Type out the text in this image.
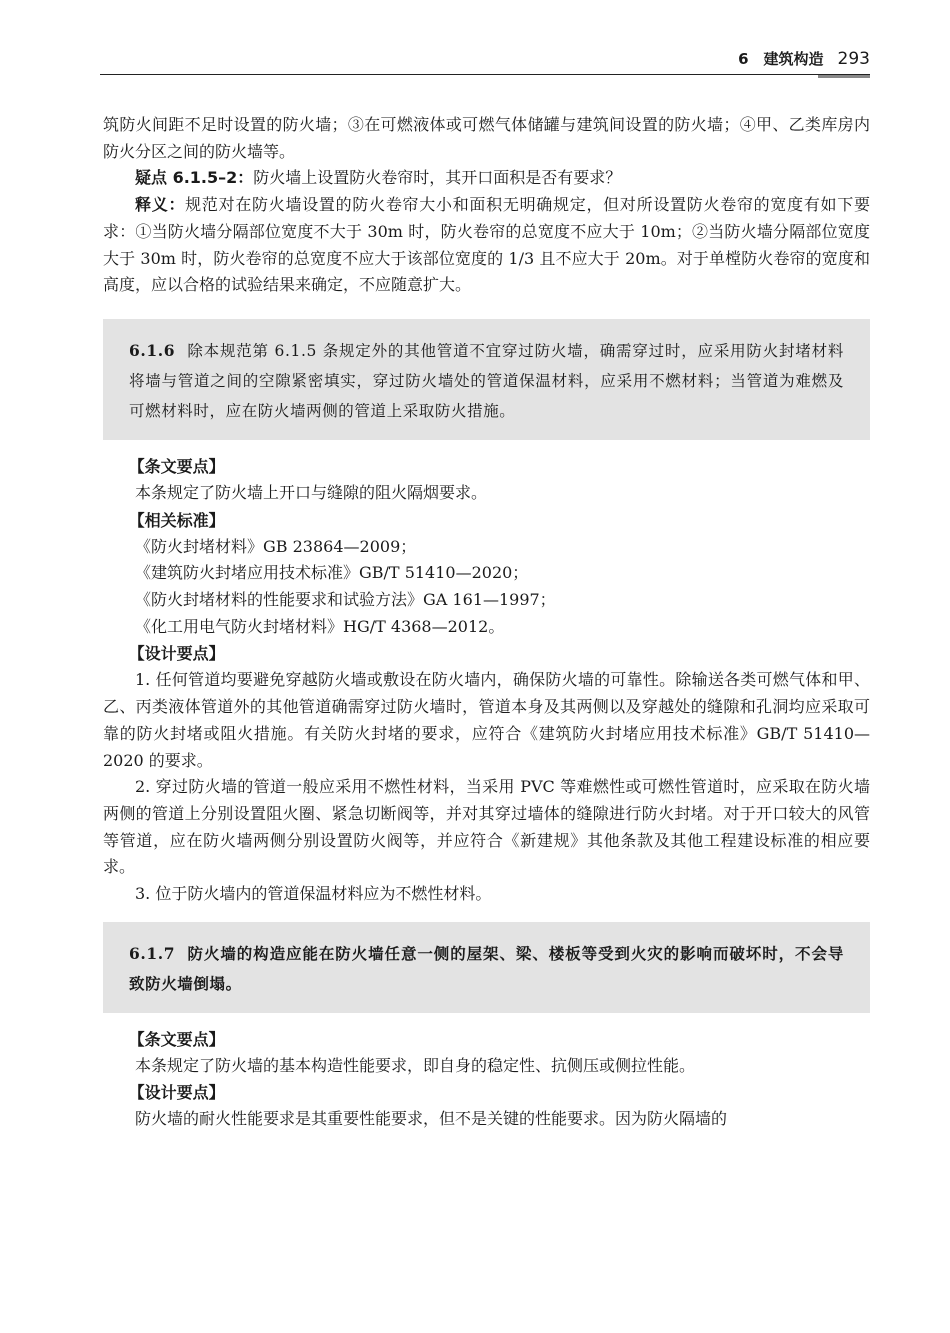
6　建筑构造 293

筑防火间距不足时设置的防火墙；③在可燃液体或可燃气体储罐与建筑间设置的防火墙；④甲、乙类库房内防火分区之间的防火墙等。

疑点 6.1.5–2：防火墙上设置防火卷帘时，其开口面积是否有要求？

释义：规范对在防火墙设置的防火卷帘大小和面积无明确规定，但对所设置防火卷帘的宽度有如下要求：①当防火墙分隔部位宽度不大于 30m 时，防火卷帘的总宽度不应大于 10m；②当防火墙分隔部位宽度大于 30m 时，防火卷帘的总宽度不应大于该部位宽度的 1/3 且不应大于 20m。对于单樘防火卷帘的宽度和高度，应以合格的试验结果来确定，不应随意扩大。

6.1.6 除本规范第 6.1.5 条规定外的其他管道不宜穿过防火墙，确需穿过时，应采用防火封堵材料将墙与管道之间的空隙紧密填实，穿过防火墙处的管道保温材料，应采用不燃材料；当管道为难燃及可燃材料时，应在防火墙两侧的管道上采取防火措施。
【条文要点】

本条规定了防火墙上开口与缝隙的阻火隔烟要求。

【相关标准】

《防火封堵材料》GB 23864—2009；

《建筑防火封堵应用技术标准》GB/T 51410—2020；

《防火封堵材料的性能要求和试验方法》GA 161—1997；

《化工用电气防火封堵材料》HG/T 4368—2012。

【设计要点】

1. 任何管道均要避免穿越防火墙或敷设在防火墙内，确保防火墙的可靠性。除输送各类可燃气体和甲、乙、丙类液体管道外的其他管道确需穿过防火墙时，管道本身及其两侧以及穿越处的缝隙和孔洞均应采取可靠的防火封堵或阻火措施。有关防火封堵的要求，应符合《建筑防火封堵应用技术标准》GB/T 51410—2020 的要求。

2. 穿过防火墙的管道一般应采用不燃性材料，当采用 PVC 等难燃性或可燃性管道时，应采取在防火墙两侧的管道上分别设置阻火圈、紧急切断阀等，并对其穿过墙体的缝隙进行防火封堵。对于开口较大的风管等管道，应在防火墙两侧分别设置防火阀等，并应符合《新建规》其他条款及其他工程建设标准的相应要求。

3. 位于防火墙内的管道保温材料应为不燃性材料。

6.1.7 防火墙的构造应能在防火墙任意一侧的屋架、梁、楼板等受到火灾的影响而破坏时，不会导致防火墙倒塌。
【条文要点】

本条规定了防火墙的基本构造性能要求，即自身的稳定性、抗侧压或侧拉性能。

【设计要点】

防火墙的耐火性能要求是其重要性能要求，但不是关键的性能要求。因为防火隔墙的
